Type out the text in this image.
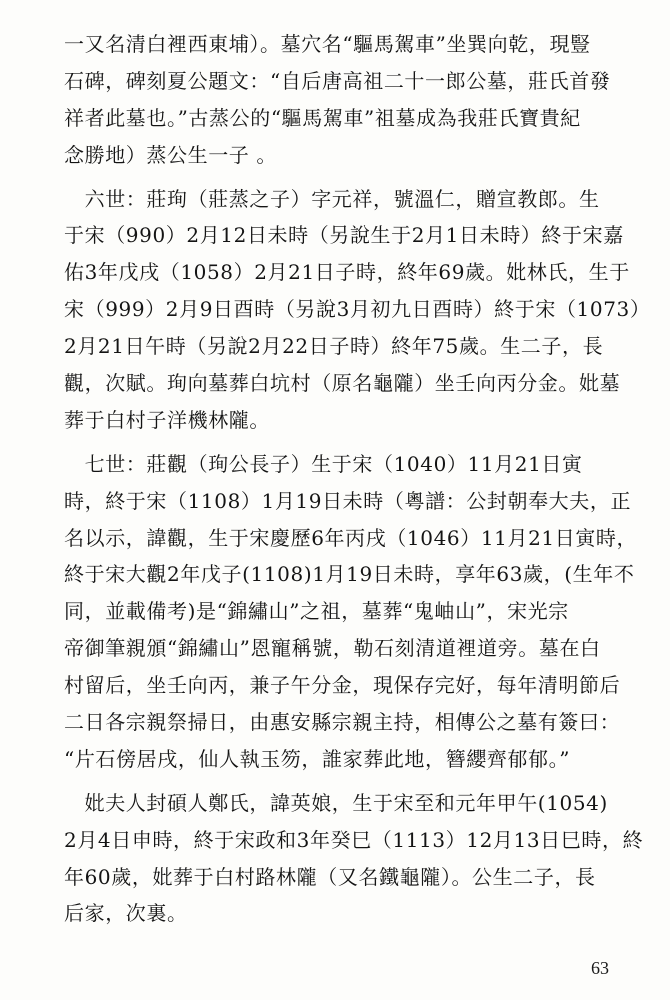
一又名清白裡西東埔）。墓穴名“驅馬駕車”坐巽向乾，現豎
石碑，碑刻夏公題文：“自后唐高祖二十一郎公墓，莊氏首發
祥者此墓也。”古蒸公的“驅馬駕車”祖墓成為我莊氏寶貴紀
念勝地）蒸公生一子 。
　六世：莊珣（莊蒸之子）字元祥，號溫仁，贈宣教郎。生
于宋（990）2月12日未時（另說生于2月1日未時）終于宋嘉
佑3年戊戌（1058）2月21日子時，終年69歲。妣林氏，生于
宋（999）2月9日酉時（另說3月初九日酉時）終于宋（1073）
2月21日午時（另說2月22日子時）終年75歲。生二子，長
觀，次賦。珣向墓葬白坑村（原名龜隴）坐壬向丙分金。妣墓
葬于白村子洋機林隴。
　七世：莊觀（珣公長子）生于宋（1040）11月21日寅
時，終于宋（1108）1月19日未時（粵譜：公封朝奉大夫，正
名以示，諱觀，生于宋慶歷6年丙戌（1046）11月21日寅時，
終于宋大觀2年戊子(1108)1月19日未時，享年63歲，(生年不
同，並載備考)是“錦繡山”之祖，墓葬“鬼岫山”，宋光宗
帝御筆親頒“錦繡山”恩寵稱號，勒石刻清道裡道旁。墓在白
村留后，坐壬向丙，兼子午分金，現保存完好，每年清明節后
二日各宗親祭掃日，由惠安縣宗親主持，相傳公之墓有簽曰：
“片石傍居戌，仙人執玉笏，誰家葬此地，簪纓齊郁郁。”
　妣夫人封碩人鄭氏，諱英娘，生于宋至和元年甲午(1054)
2月4日申時，終于宋政和3年癸巳（1113）12月13日巳時，終
年60歲，妣葬于白村路林隴（又名鐵龜隴）。公生二子，長
后家，次裏。
63
